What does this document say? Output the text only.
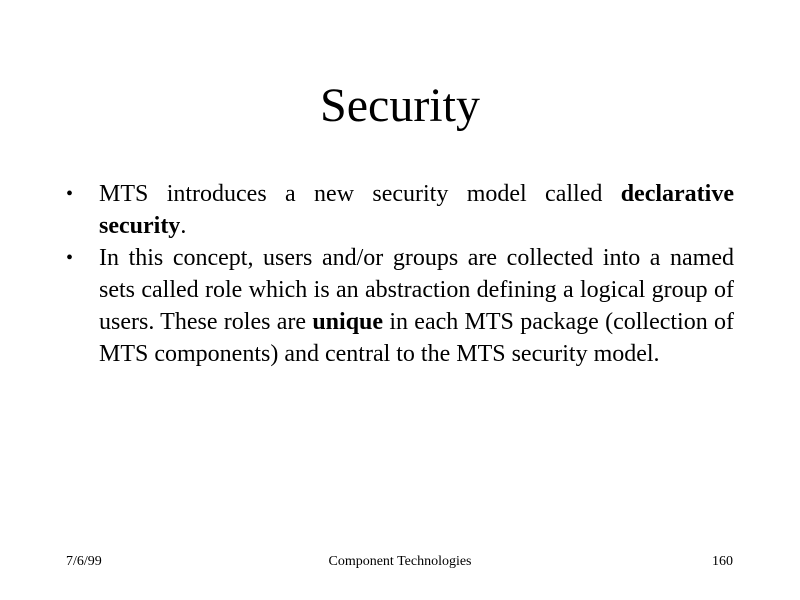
Security
•	MTS introduces a new security model called declarative security.
•	In this concept, users and/or groups are collected into a named sets called role which is an abstraction defining a logical group of users. These roles are unique in each MTS package (collection of MTS components) and central to the MTS security model.
7/6/99	Component Technologies	160
